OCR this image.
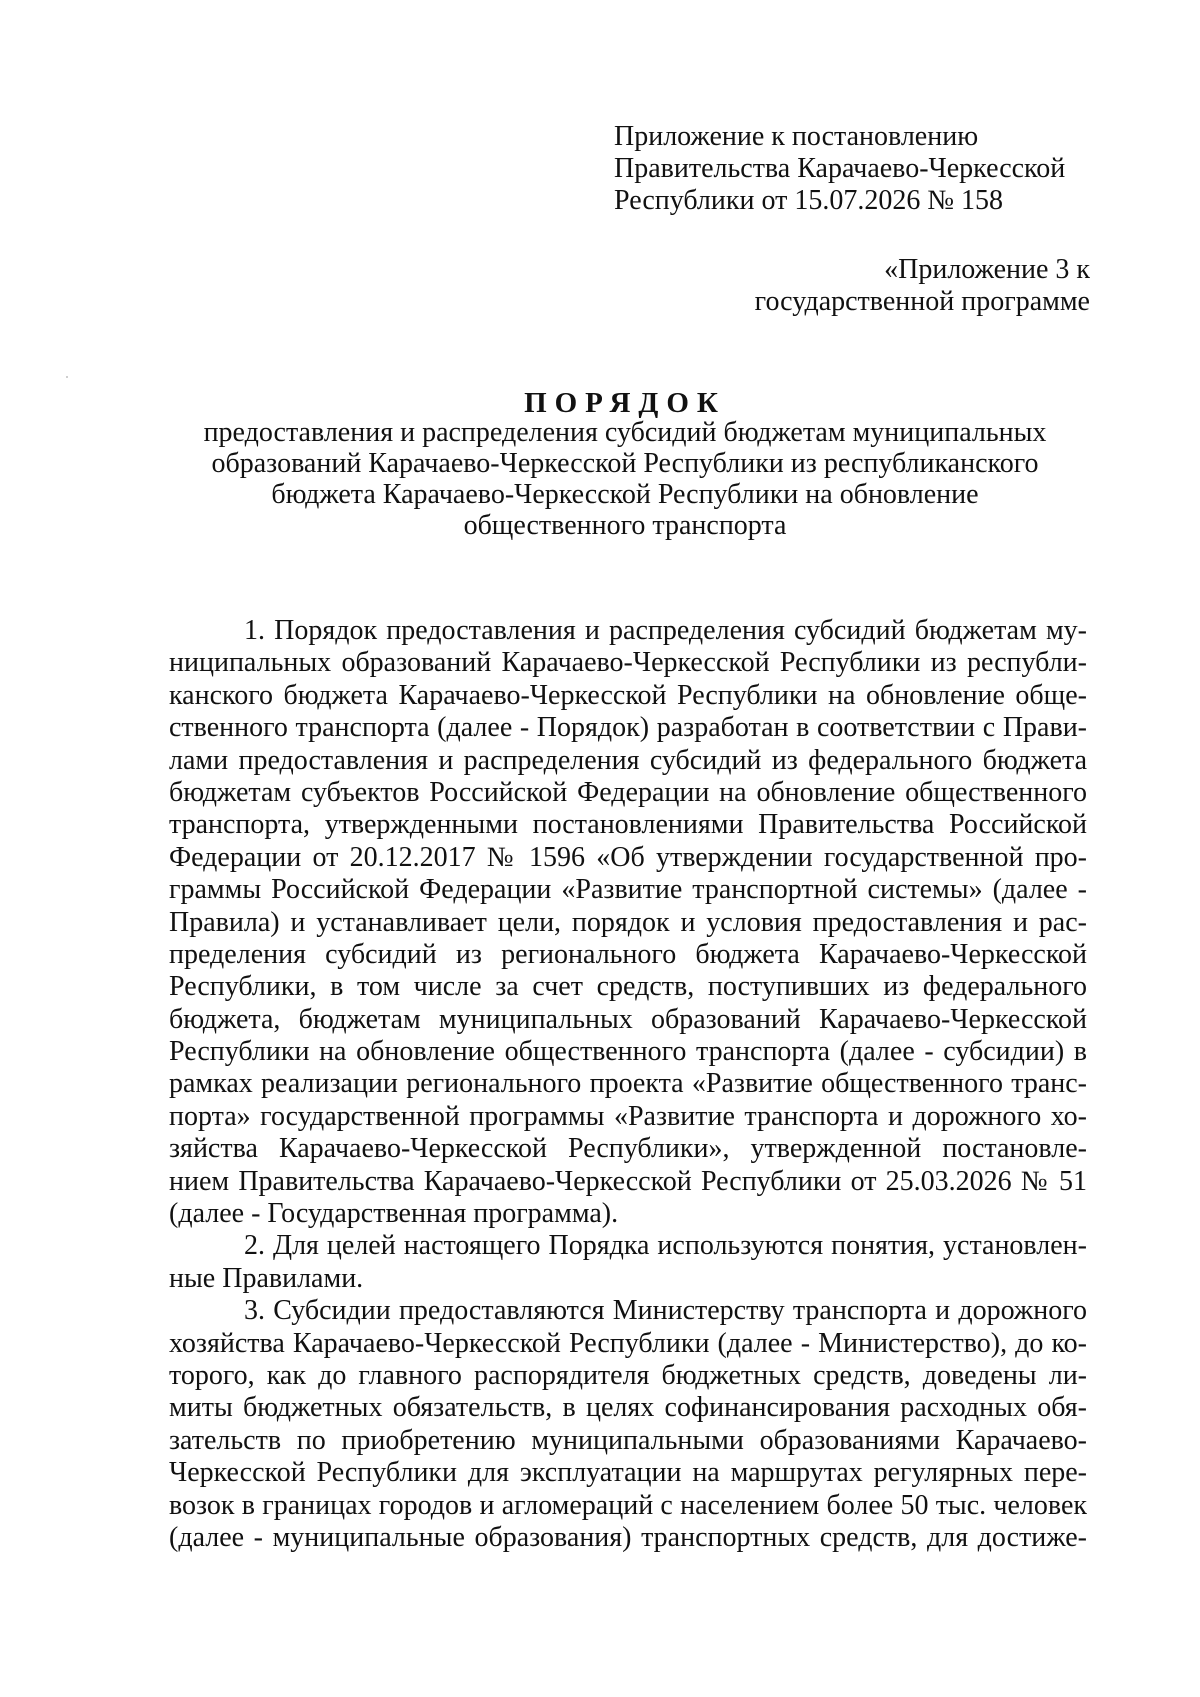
Приложение к постановлению
Правительства Карачаево-Черкесской
Республики от 15.07.2026 № 158
«Приложение 3 к
государственной программе
ПОРЯДОК
предоставления и распределения субсидий бюджетам муниципальных
образований Карачаево-Черкесской Республики из республиканского
бюджета Карачаево-Черкесской Республики на обновление
общественного транспорта
1. Порядок предоставления и распределения субсидий бюджетам му-
ниципальных образований Карачаево-Черкесской Республики из республи-
канского бюджета Карачаево-Черкесской Республики на обновление обще-
ственного транспорта (далее - Порядок) разработан в соответствии с Прави-
лами предоставления и распределения субсидий из федерального бюджета
бюджетам субъектов Российской Федерации на обновление общественного
транспорта, утвержденными постановлениями Правительства Российской
Федерации от 20.12.2017 № 1596 «Об утверждении государственной про-
граммы Российской Федерации «Развитие транспортной системы» (далее -
Правила) и устанавливает цели, порядок и условия предоставления и рас-
пределения субсидий из регионального бюджета Карачаево-Черкесской
Республики, в том числе за счет средств, поступивших из федерального
бюджета, бюджетам муниципальных образований Карачаево-Черкесской
Республики на обновление общественного транспорта (далее - субсидии) в
рамках реализации регионального проекта «Развитие общественного транс-
порта» государственной программы «Развитие транспорта и дорожного хо-
зяйства Карачаево-Черкесской Республики», утвержденной постановле-
нием Правительства Карачаево-Черкесской Республики от 25.03.2026 № 51
(далее - Государственная программа).
2. Для целей настоящего Порядка используются понятия, установлен-
ные Правилами.
3. Субсидии предоставляются Министерству транспорта и дорожного
хозяйства Карачаево-Черкесской Республики (далее - Министерство), до ко-
торого, как до главного распорядителя бюджетных средств, доведены ли-
миты бюджетных обязательств, в целях софинансирования расходных обя-
зательств по приобретению муниципальными образованиями Карачаево-
Черкесской Республики для эксплуатации на маршрутах регулярных пере-
возок в границах городов и агломераций с населением более 50 тыс. человек
(далее - муниципальные образования) транспортных средств, для достиже-
